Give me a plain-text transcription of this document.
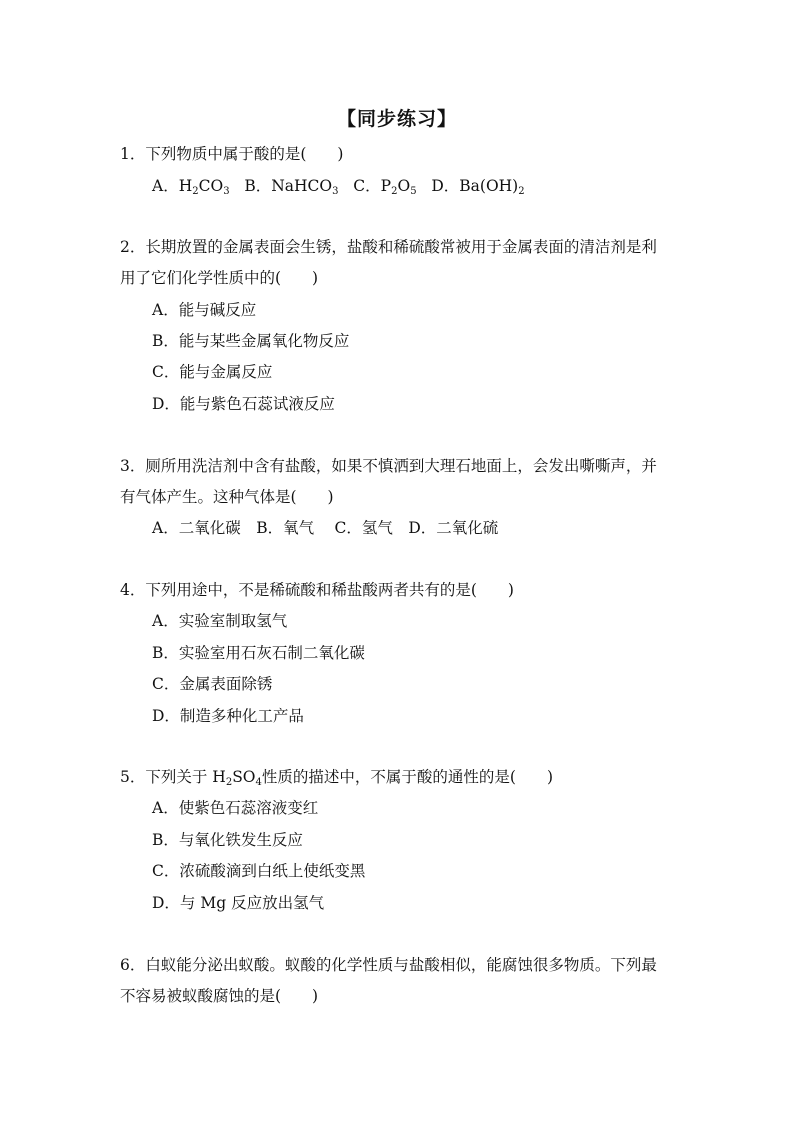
【同步练习】
1．下列物质中属于酸的是(　　)
A．$H_2CO_3$ B．NaHCO$_3$ C．$P_2O_5$ D．$Ba(OH)_2$
2．长期放置的金属表面会生锈，盐酸和稀硫酸常被用于金属表面的清洁剂是利
用了它们化学性质中的(　　)
A．能与碱反应
B．能与某些金属氧化物反应
C．能与金属反应
D．能与紫色石蕊试液反应
3．厕所用洗洁剂中含有盐酸，如果不慎洒到大理石地面上，会发出嘶嘶声，并
有气体产生。这种气体是(　　)
A．二氧化碳　B．氧气　 C．氢气　D．二氧化硫
4．下列用途中，不是稀硫酸和稀盐酸两者共有的是(　　)
A．实验室制取氢气
B．实验室用石灰石制二氧化碳
C．金属表面除锈
D．制造多种化工产品
5．下列关于 $H_2SO_4$性质的描述中，不属于酸的通性的是(　　)
A．使紫色石蕊溶液变红
B．与氧化铁发生反应
C．浓硫酸滴到白纸上使纸变黑
D．与 Mg 反应放出氢气
6．白蚁能分泌出蚁酸。蚁酸的化学性质与盐酸相似，能腐蚀很多物质。下列最
不容易被蚁酸腐蚀的是(　　)
